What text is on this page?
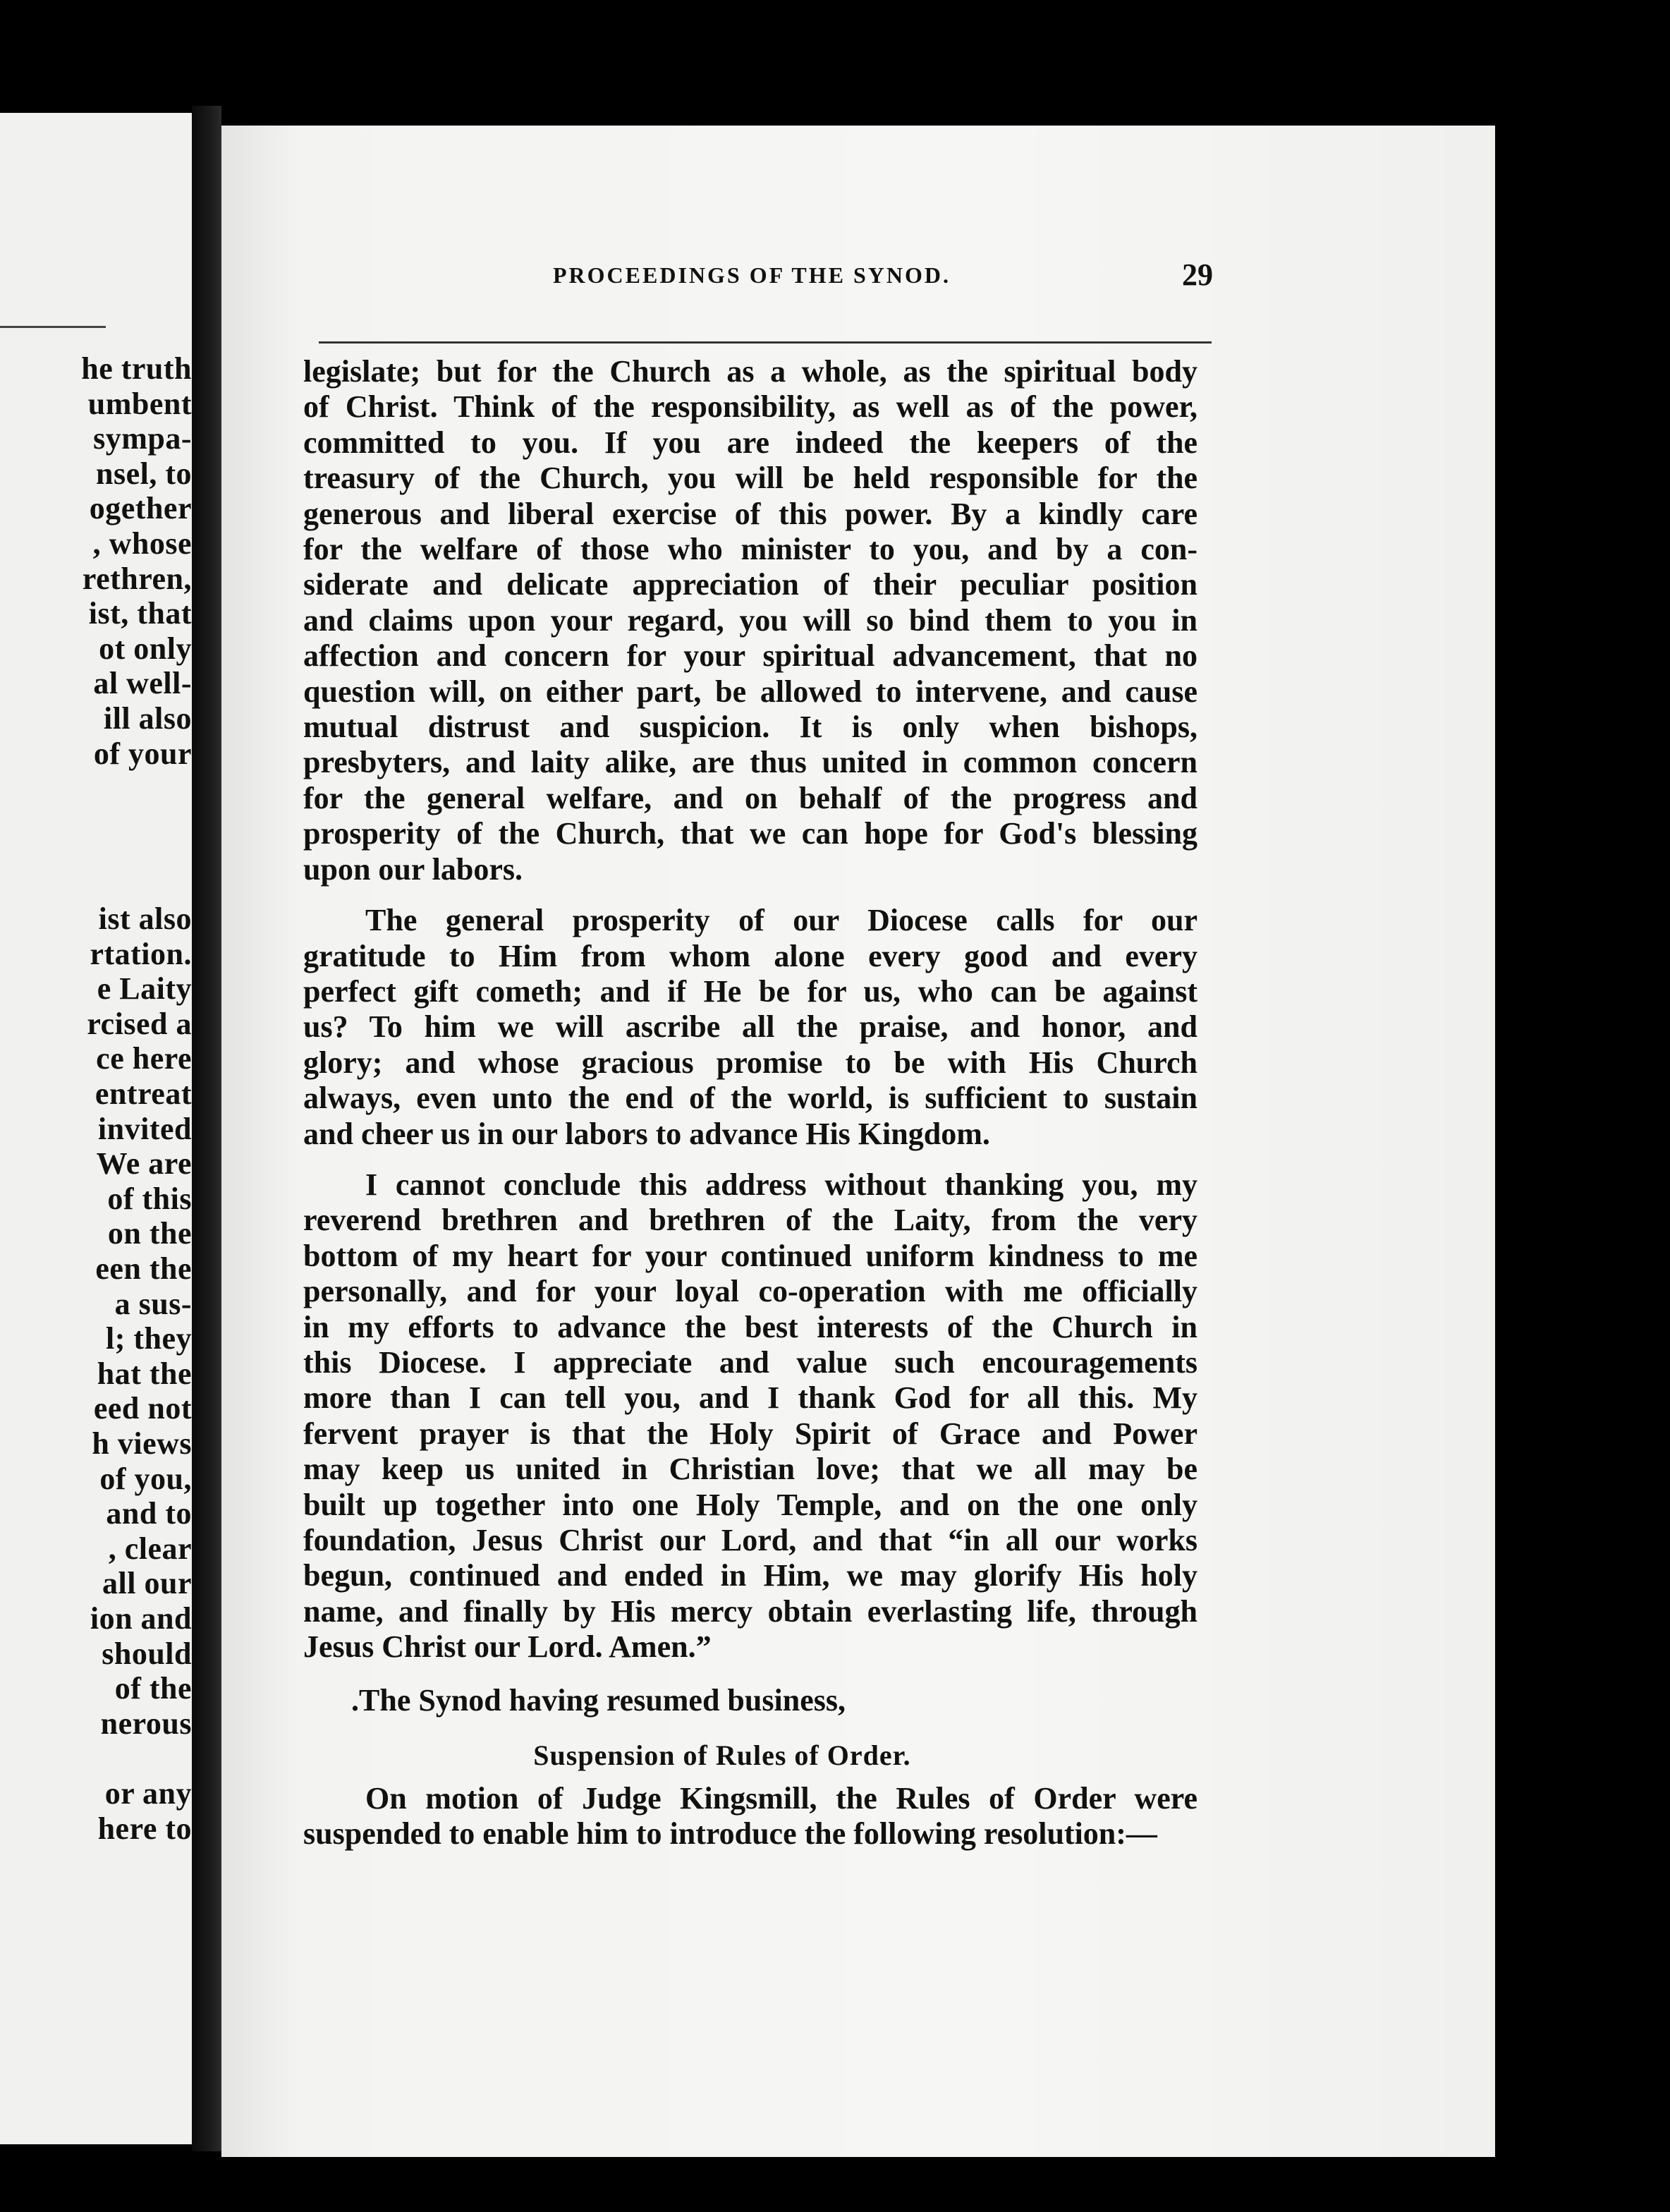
he truth
umbent
sympa-
nsel, to
ogether
, whose
rethren,
ist, that
ot only
al well-
ill also
of your
ist also
rtation.
e Laity
rcised a
ce here
entreat
invited
We are
of this
on the
een the
a sus-
l; they
hat the
eed not
h views
of you,
and to
, clear
all our
ion and
should
of the
nerous
or any
here to
PROCEEDINGS OF THE SYNOD.	29
legislate; but for the Church as a whole, as the spiritual body
of Christ. Think of the responsibility, as well as of the power,
committed to you. If you are indeed the keepers of the
treasury of the Church, you will be held responsible for the
generous and liberal exercise of this power. By a kindly care
for the welfare of those who minister to you, and by a con-
siderate and delicate appreciation of their peculiar position
and claims upon your regard, you will so bind them to you in
affection and concern for your spiritual advancement, that no
question will, on either part, be allowed to intervene, and cause
mutual distrust and suspicion. It is only when bishops,
presbyters, and laity alike, are thus united in common concern
for the general welfare, and on behalf of the progress and
prosperity of the Church, that we can hope for God's blessing
upon our labors.
The general prosperity of our Diocese calls for our
gratitude to Him from whom alone every good and every
perfect gift cometh; and if He be for us, who can be against
us? To him we will ascribe all the praise, and honor, and
glory; and whose gracious promise to be with His Church
always, even unto the end of the world, is sufficient to sustain
and cheer us in our labors to advance His Kingdom.
I cannot conclude this address without thanking you, my
reverend brethren and brethren of the Laity, from the very
bottom of my heart for your continued uniform kindness to me
personally, and for your loyal co-operation with me officially
in my efforts to advance the best interests of the Church in
this Diocese. I appreciate and value such encouragements
more than I can tell you, and I thank God for all this. My
fervent prayer is that the Holy Spirit of Grace and Power
may keep us united in Christian love; that we all may be
built up together into one Holy Temple, and on the one only
foundation, Jesus Christ our Lord, and that “in all our works
begun, continued and ended in Him, we may glorify His holy
name, and finally by His mercy obtain everlasting life, through
Jesus Christ our Lord. Amen.”
.The Synod having resumed business,
Suspension of Rules of Order.
On motion of Judge Kingsmill, the Rules of Order were
suspended to enable him to introduce the following resolution:—
